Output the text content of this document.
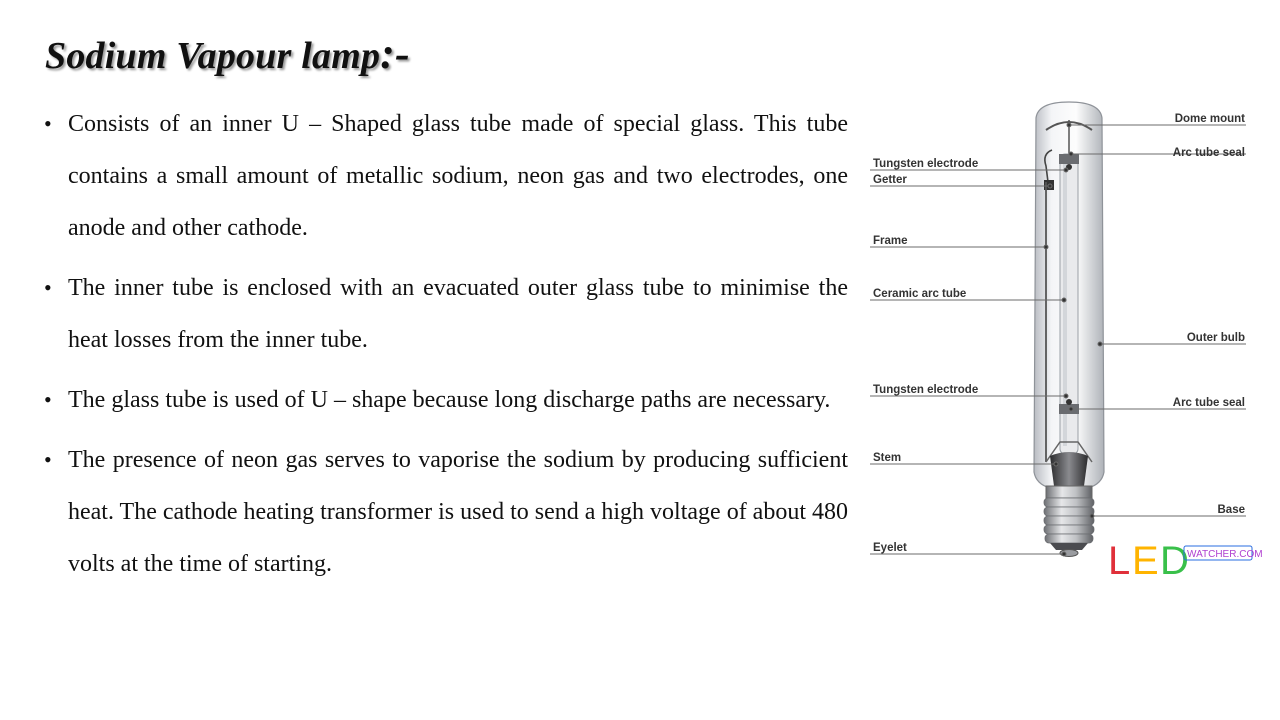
Sodium Vapour lamp:-
• Consists of an inner U – Shaped glass tube made of special glass. This tube contains a small amount of metallic sodium, neon gas and two electrodes, one anode and other cathode.
• The inner tube is enclosed with an evacuated outer glass tube to minimise the heat losses from the inner tube.
• The glass tube is used of U – shape because long discharge paths are necessary.
• The presence of neon gas serves to vaporise the sodium by producing sufficient heat. The cathode heating transformer is used to send a high voltage of about 480 volts at the time of starting.
Tungsten electrode
Getter
Frame
Ceramic arc tube
Tungsten electrode
Stem
Eyelet
Dome mount
Arc tube seal
Outer bulb
Arc tube seal
Base
L E D
WATCHER.COM
